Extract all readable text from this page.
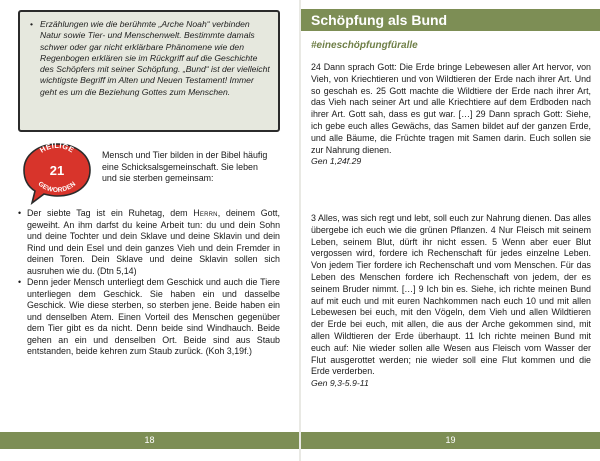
• Erzählungen wie die berühmte „Arche Noah“ verbinden Natur sowie Tier- und Menschenwelt. Bestimmte damals schwer oder gar nicht erklärbare Phänomene wie den Regenbogen erklären sie im Rückgriff auf die Geschichte des Schöpfers mit seiner Schöpfung. „Bund“ ist der vielleicht wichtigste Begriff im Alten und Neuen Testament! Immer geht es um die Beziehung Gottes zum Menschen.
HEILIGE
GEWORDEN
21
Mensch und Tier bilden in der Bibel häufig
eine Schicksalsgemeinschaft. Sie leben
und sie sterben gemeinsam:
• Der siebte Tag ist ein Ruhetag, dem Herrn, deinem Gott, geweiht. An ihm darfst du keine Arbeit tun: du und dein Sohn und deine Tochter und dein Sklave und deine Sklavin und dein Rind und dein Esel und dein ganzes Vieh und dein Fremder in deinen Toren. Dein Sklave und deine Sklavin sollen sich ausruhen wie du. (Dtn 5,14)
• Denn jeder Mensch unterliegt dem Geschick und auch die Tiere unterliegen dem Geschick. Sie haben ein und dasselbe Geschick. Wie diese sterben, so sterben jene. Beide haben ein und denselben Atem. Einen Vorteil des Menschen gegenüber dem Tier gibt es da nicht. Denn beide sind Windhauch. Beide gehen an ein und denselben Ort. Beide sind aus Staub entstanden, beide kehren zum Staub zurück. (Koh 3,19f.)
18
Schöpfung als Bund
#eineschöpfungfüralle
24 Dann sprach Gott: Die Erde bringe Lebewesen aller Art hervor, von Vieh, von Kriechtieren und von Wildtieren der Erde nach ihrer Art. Und so geschah es. 25 Gott machte die Wildtiere der Erde nach ihrer Art, das Vieh nach seiner Art und alle Kriechtiere auf dem Erdboden nach ihrer Art. Gott sah, dass es gut war. […] 29 Dann sprach Gott: Siehe, ich gebe euch alles Gewächs, das Samen bildet auf der ganzen Erde, und alle Bäume, die Früchte tragen mit Samen darin. Euch sollen sie zur Nahrung dienen.
Gen 1,24f.29
3 Alles, was sich regt und lebt, soll euch zur Nahrung dienen. Das alles übergebe ich euch wie die grünen Pflanzen. 4 Nur Fleisch mit seinem Leben, seinem Blut, dürft ihr nicht essen. 5 Wenn aber euer Blut vergossen wird, fordere ich Rechenschaft für jedes einzelne Leben. Von jedem Tier fordere ich Rechenschaft und vom Menschen. Für das Leben des Menschen fordere ich Rechenschaft von jedem, der es seinem Bruder nimmt. […] 9 Ich bin es. Siehe, ich richte meinen Bund auf mit euch und mit euren Nachkommen nach euch 10 und mit allen Lebewesen bei euch, mit den Vögeln, dem Vieh und allen Wildtieren der Erde bei euch, mit allen, die aus der Arche gekommen sind, mit allen Wildtieren der Erde überhaupt. 11 Ich richte meinen Bund mit euch auf: Nie wieder sollen alle Wesen aus Fleisch vom Wasser der Flut ausgerottet werden; nie wieder soll eine Flut kommen und die Erde verderben.
Gen 9,3-5.9-11
19
